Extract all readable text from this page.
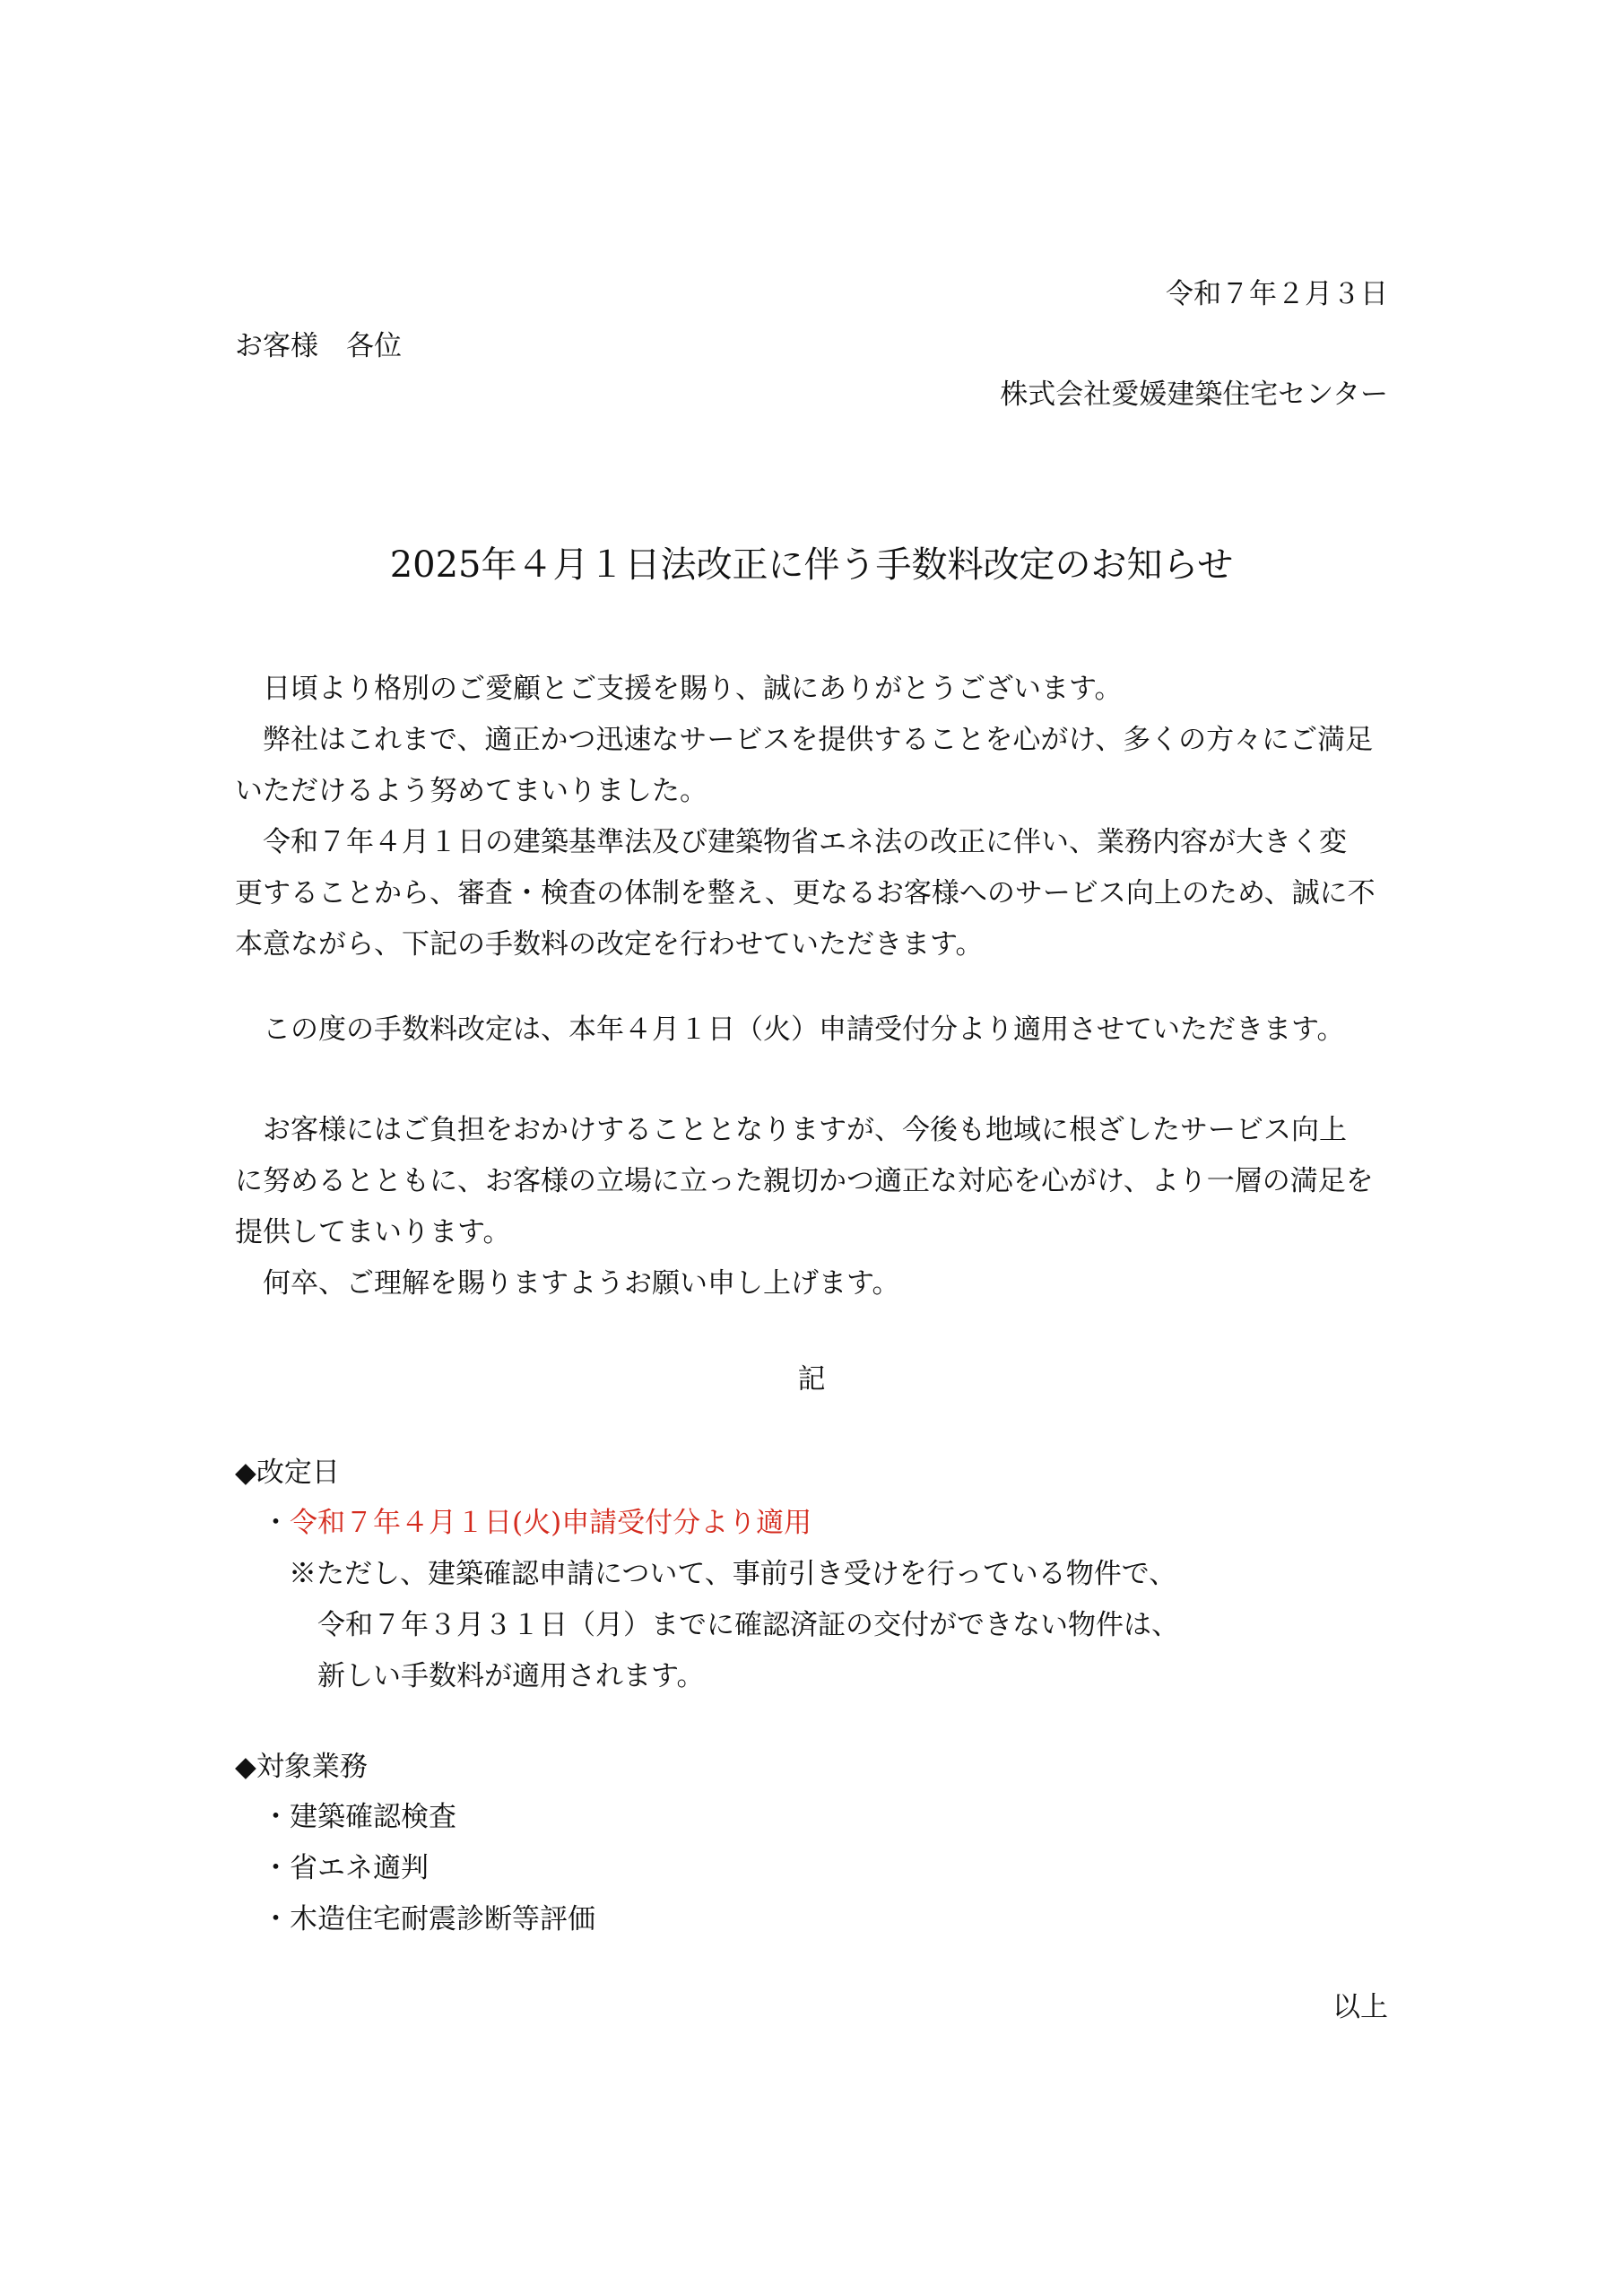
令和７年２月３日
お客様　各位
株式会社愛媛建築住宅センター
2025年４月１日法改正に伴う手数料改定のお知らせ
　日頃より格別のご愛顧とご支援を賜り、誠にありがとうございます。
　弊社はこれまで、適正かつ迅速なサービスを提供することを心がけ、多くの方々にご満足
いただけるよう努めてまいりました。
　令和７年４月１日の建築基準法及び建築物省エネ法の改正に伴い、業務内容が大きく変
更することから、審査・検査の体制を整え、更なるお客様へのサービス向上のため、誠に不
本意ながら、下記の手数料の改定を行わせていただきます。
　この度の手数料改定は、本年４月１日（火）申請受付分より適用させていただきます。
　お客様にはご負担をおかけすることとなりますが、今後も地域に根ざしたサービス向上
に努めるとともに、お客様の立場に立った親切かつ適正な対応を心がけ、より一層の満足を
提供してまいります。
　何卒、ご理解を賜りますようお願い申し上げます。
記
◆改定日
・令和７年４月１日(火)申請受付分より適用
※ただし、建築確認申請について、事前引き受けを行っている物件で、
令和７年３月３１日（月）までに確認済証の交付ができない物件は、
新しい手数料が適用されます。
◆対象業務
・建築確認検査
・省エネ適判
・木造住宅耐震診断等評価
以上
